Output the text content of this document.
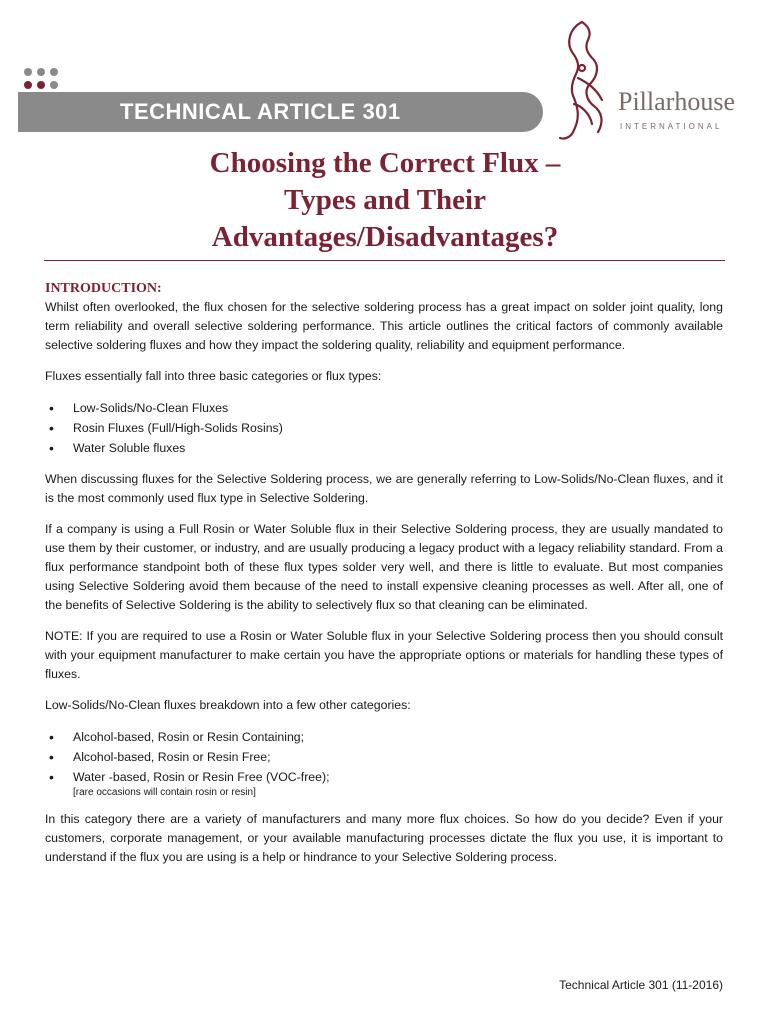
TECHNICAL ARTICLE 301	Pillarhouse
INTERNATIONAL
Choosing the Correct Flux –
Types and Their
Advantages/Disadvantages?
INTRODUCTION:

Whilst often overlooked, the flux chosen for the selective soldering process has a great impact on solder joint quality, long term reliability and overall selective soldering performance. This article outlines the critical factors of commonly available selective soldering fluxes and how they impact the soldering quality, reliability and equipment performance.

Fluxes essentially fall into three basic categories or flux types:

• Low-Solids/No-Clean Fluxes
• Rosin Fluxes (Full/High-Solids Rosins)
• Water Soluble fluxes

When discussing fluxes for the Selective Soldering process, we are generally referring to Low-Solids/No-Clean fluxes, and it is the most commonly used flux type in Selective Soldering.

If a company is using a Full Rosin or Water Soluble flux in their Selective Soldering process, they are usually mandated to use them by their customer, or industry, and are usually producing a legacy product with a legacy reliability standard. From a flux performance standpoint both of these flux types solder very well, and there is little to evaluate. But most companies using Selective Soldering avoid them because of the need to install expensive cleaning processes as well. After all, one of the benefits of Selective Soldering is the ability to selectively flux so that cleaning can be eliminated.

NOTE: If you are required to use a Rosin or Water Soluble flux in your Selective Soldering process then you should consult with your equipment manufacturer to make certain you have the appropriate options or materials for handling these types of fluxes.

Low-Solids/No-Clean fluxes breakdown into a few other categories:

• Alcohol-based, Rosin or Resin Containing;
• Alcohol-based, Rosin or Resin Free;
• Water -based, Rosin or Resin Free (VOC-free);
[rare occasions will contain rosin or resin]

In this category there are a variety of manufacturers and many more flux choices. So how do you decide? Even if your customers, corporate management, or your available manufacturing processes dictate the flux you use, it is important to understand if the flux you are using is a help or hindrance to your Selective Soldering process.

Technical Article 301 (11-2016)
